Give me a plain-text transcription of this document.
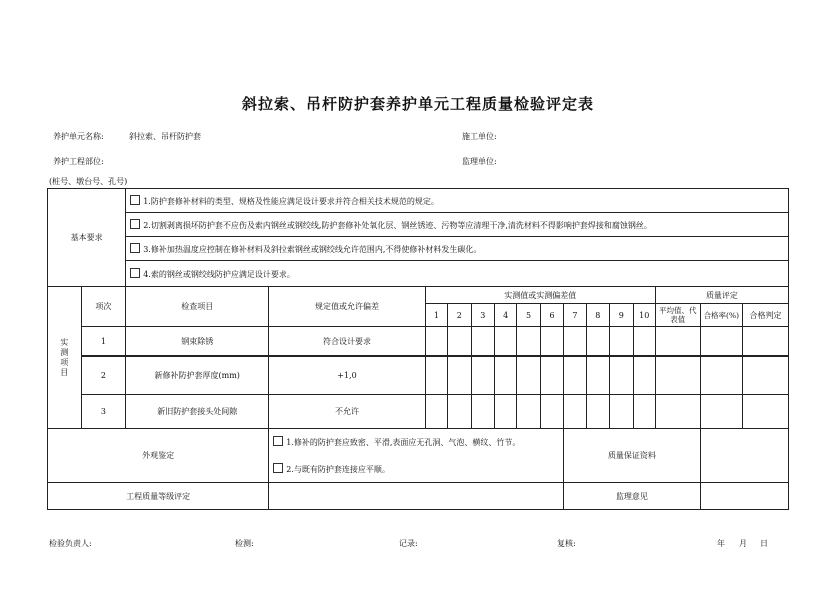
斜拉索、吊杆防护套养护单元工程质量检验评定表
养护单元名称:	斜拉索、吊杆防护套	施工单位:
养护工程部位:	监理单位:
(桩号、墩台号、孔号)
基本要求		1.防护套修补材料的类型、规格及性能应满足设计要求并符合相关技术规范的规定。														
		2.切割剥离损坏防护套不应伤及索内钢丝或钢绞线,防护套修补处氧化层、钢丝锈迹、污物等应清理干净,清洗材料不得影响护套焊接和腐蚀钢丝。														
		3.修补加热温度应控制在修补材料及斜拉索钢丝或钢绞线允许范围内,不得使修补材料发生碳化。														
		4.索的钢丝或钢绞线防护应满足设计要求。														
实测项目	项次	检查项目	规定值或允许偏差	实测值或实测偏差值										质量评定		
				1	2	3	4	5	6	7	8	9	10	平均值、代表值	合格率(%)	合格判定
	1	钢束除锈	符合设计要求													

	2	新修补防护套厚度(mm)	+1,0													
	3	新旧防护套接头处间隙	不允许													
外观鉴定			1.修补的防护套应致密、平滑,表面应无孔洞、气泡、横纹、竹节。							质量保证资料						
			2.与既有防护套连接应平顺。													
工程质量等级评定										监理意见						
检验负责人:	检测:	记录:	复核:	年 月 日
